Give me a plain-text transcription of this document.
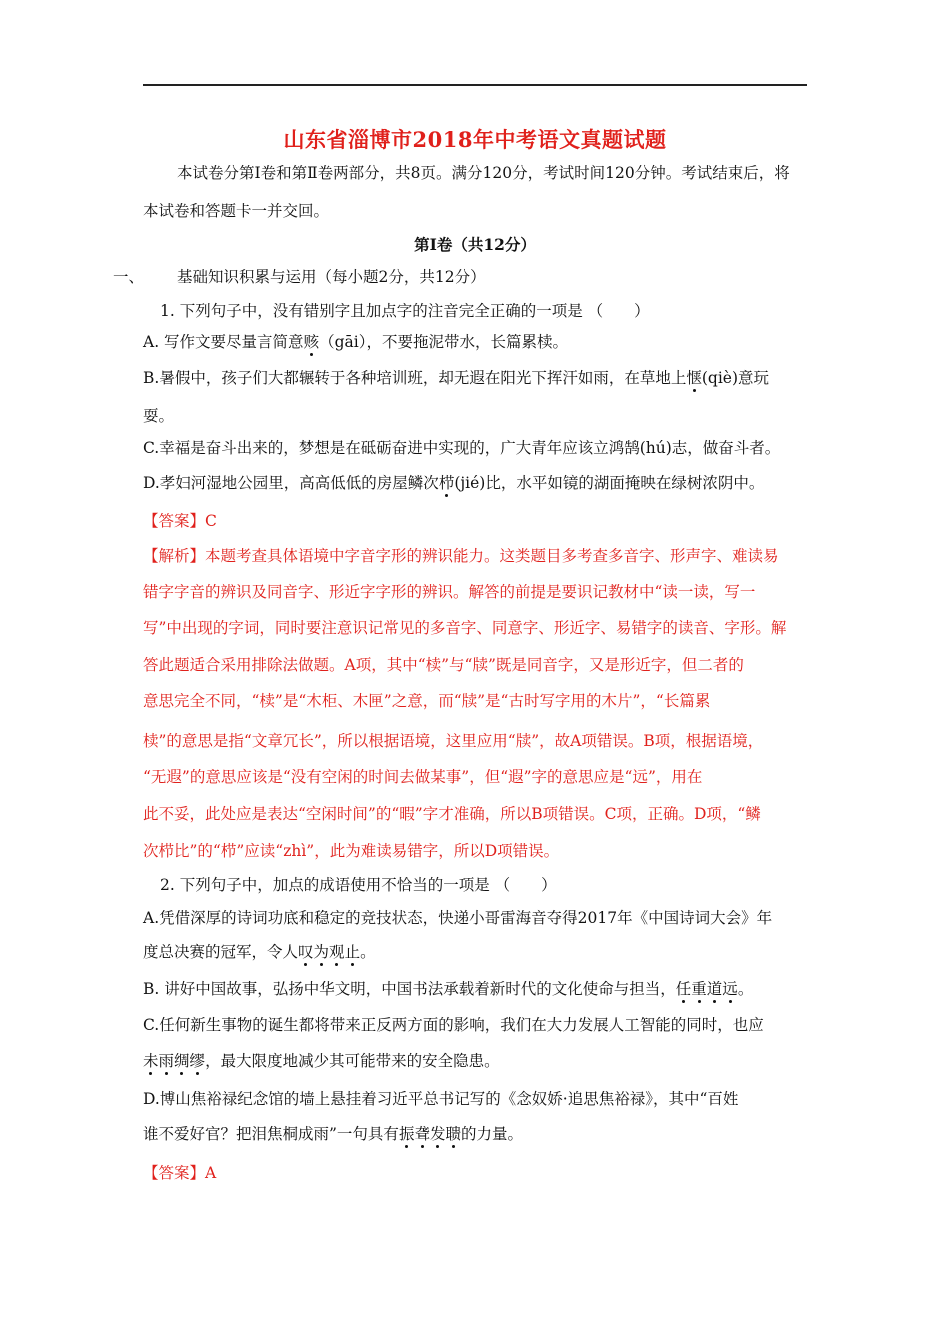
山东省淄博市2018年中考语文真题试题
本试卷分第Ⅰ卷和第Ⅱ卷两部分，共8页。满分120分，考试时间120分钟。考试结束后，将
本试卷和答题卡一并交回。
第Ⅰ卷（共12分）
一、 基础知识积累与运用（每小题2分，共12分）
1. 下列句子中，没有错别字且加点字的注音完全正确的一项是 （　　）
A. 写作文要尽量言简意赅（gāi），不要拖泥带水，长篇累椟。
B.暑假中，孩子们大都辗转于各种培训班，却无遐在阳光下挥汗如雨，在草地上惬(qiè)意玩
耍。
C.幸福是奋斗出来的，梦想是在砥砺奋进中实现的，广大青年应该立鸿鹄(hú)志，做奋斗者。
D.孝妇河湿地公园里，高高低低的房屋鳞次栉(jié)比，水平如镜的湖面掩映在绿树浓阴中。
【答案】C
【解析】本题考查具体语境中字音字形的辨识能力。这类题目多考查多音字、形声字、难读易
错字字音的辨识及同音字、形近字字形的辨识。解答的前提是要识记教材中“读一读，写一
写”中出现的字词，同时要注意识记常见的多音字、同意字、形近字、易错字的读音、字形。解
答此题适合采用排除法做题。A项，其中“椟”与“牍”既是同音字，又是形近字，但二者的
意思完全不同，“椟”是“木柜、木匣”之意，而“牍”是“古时写字用的木片”，“长篇累
椟”的意思是指“文章冗长”，所以根据语境，这里应用“牍”，故A项错误。B项，根据语境，
“无遐”的意思应该是“没有空闲的时间去做某事”，但“遐”字的意思应是“远”，用在
此不妥，此处应是表达“空闲时间”的“暇”字才准确，所以B项错误。C项，正确。D项，“鳞
次栉比”的“栉”应读“zhì”，此为难读易错字，所以D项错误。
2. 下列句子中，加点的成语使用不恰当的一项是 （　　）
A.凭借深厚的诗词功底和稳定的竞技状态，快递小哥雷海音夺得2017年《中国诗词大会》年
度总决赛的冠军，令人叹为观止。
B. 讲好中国故事，弘扬中华文明，中国书法承载着新时代的文化使命与担当，任重道远。
C.任何新生事物的诞生都将带来正反两方面的影响，我们在大力发展人工智能的同时，也应
未雨绸缪，最大限度地减少其可能带来的安全隐患。
D.博山焦裕禄纪念馆的墙上悬挂着习近平总书记写的《念奴娇·追思焦裕禄》，其中“百姓
谁不爱好官？把泪焦桐成雨”一句具有振聋发聩的力量。
【答案】A
